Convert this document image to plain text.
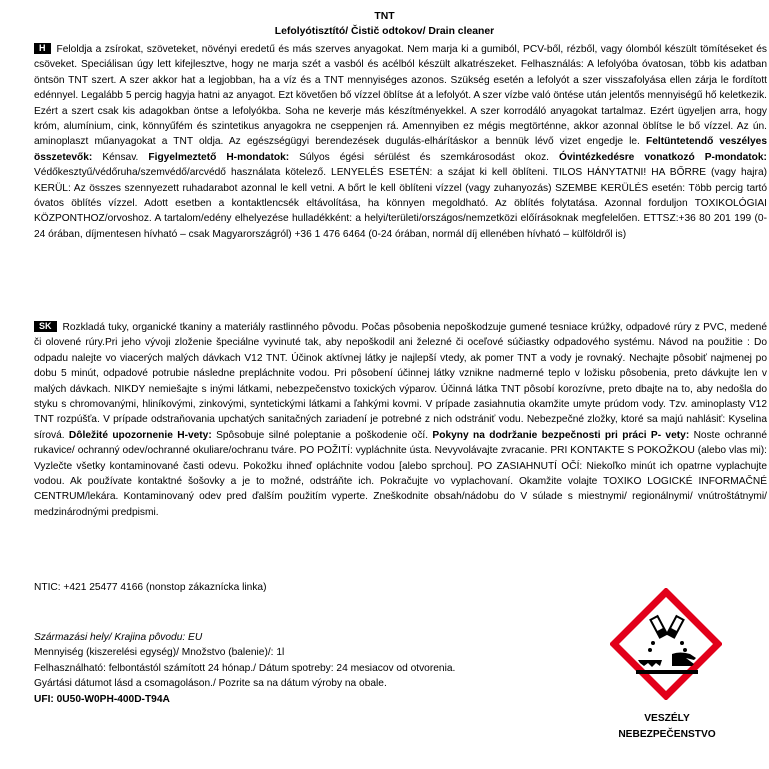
TNT
Lefolyótisztító/ Čistič odtokov/ Drain cleaner
H Feloldja a zsírokat, szöveteket, növényi eredetű és más szerves anyagokat. Nem marja ki a gumiból, PCV-ből, rézből, vagy ólomból készült tömítéseket és csöveket. Speciálisan úgy lett kifejlesztve, hogy ne marja szét a vasból és acélból készült alkatrészeket. Felhasználás: A lefolyóba óvatosan, több kis adatban öntsön TNT szert. A szer akkor hat a legjobban, ha a víz és a TNT mennyiséges azonos. Szükség esetén a lefolyót a szer visszafolyása ellen zárja le fordított edénnyel. Legalább 5 percig hagyja hatni az anyagot. Ezt követően bő vízzel öblítse át a lefolyót. A szer vízbe való öntése után jelentős mennyiségű hő keletkezik. Ezért a szert csak kis adagokban öntse a lefolyókba. Soha ne keverje más készítményekkel. A szer korrodáló anyagokat tartalmaz. Ezért ügyeljen arra, hogy króm, alumínium, cink, könnyűfém és szintetikus anyagokra ne cseppenjen rá. Amennyiben ez mégis megtörténne, akkor azonnal öblítse le bő vízzel. Az ún. aminoplaszt műanyagokat a TNT oldja. Az egészségügyi berendezések dugulás-elhárításkor a bennük lévő vizet engedje le. Feltüntetendő veszélyes összetevők: Kénsav. Figyelmeztető H-mondatok: Súlyos égési sérülést és szemkárosodást okoz. Óvintézkedésre vonatkozó P-mondatok: Védőkesztyű/védőruha/szemvédő/arcvédő használata kötelező. LENYELÉS ESETÉN: a szájat ki kell öblíteni. TILOS HÁNYTATNI! HA BŐRRE (vagy hajra) KERÜL: Az összes szennyezett ruhadarabot azonnal le kell vetni. A bőrt le kell öblíteni vízzel (vagy zuhanyozás) SZEMBE KERÜLÉS esetén: Több percig tartó óvatos öblítés vízzel. Adott esetben a kontaktlencsék eltávolítása, ha könnyen megoldható. Az öblítés folytatása. Azonnal forduljon TOXIKOLÓGIAI KÖZPONTHOZ/orvoshoz. A tartalom/edény elhelyezése hulladékként: a helyi/területi/országos/nemzetközi előírásoknak megfelelően. ETTSZ:+36 80 201 199 (0-24 órában, díjmentesen hívható – csak Magyarországról) +36 1 476 6464 (0-24 órában, normál díj ellenében hívható – külföldről is)
SK Rozkladá tuky, organické tkaniny a materiály rastlinného pôvodu. Počas pôsobenia nepoškodzuje gumené tesniace krúžky, odpadové rúry z PVC, medené či olovené rúry.Pri jeho vývoji zloženie špeciálne vyvinuté tak, aby nepoškodil ani železné či oceľové súčiastky odpadového systému. Návod na použitie : Do odpadu nalejte vo viacerých malých dávkach V12 TNT. Účinok aktívnej látky je najlepší vtedy, ak pomer TNT a vody je rovnaký. Nechajte pôsobiť najmenej po dobu 5 minút, odpadové potrubie následne prepláchnite vodou. Pri pôsobení účinnej látky vznikne nadmerné teplo v ložisku pôsobenia, preto dávkujte len v malých dávkach. NIKDY nemiešajte s inými látkami, nebezpečenstvo toxických výparov. Účinná látka TNT pôsobí korozívne, preto dbajte na to, aby nedošla do styku s chromovanými, hliníkovými, zinkovými, syntetickými látkami a ľahkými kovmi. V prípade zasiahnutia okamžite umyte prúdom vody. Tzv. aminoplasty V12 TNT rozpúšťa. V prípade odstraňovania upchatých sanitačných zariadení je potrebné z nich odstrániť vodu. Nebezpečné zložky, ktoré sa majú nahlásiť: Kyselina sírová. Dôležité upozornenie H-vety: Spôsobuje silné poleptanie a poškodenie očí. Pokyny na dodržanie bezpečnosti pri práci P- vety: Noste ochranné rukavice/ ochranný odev/ochranné okuliare/ochranu tváre. PO POŽITÍ: vypláchnite ústa. Nevyvolávajte zvracanie. PRI KONTAKTE S POKOŽKOU (alebo vlas mi): Vyzlečte všetky kontaminované časti odevu. Pokožku ihneď opláchnite vodou [alebo sprchou]. PO ZASIAHNUTÍ OČÍ: Niekoľko minút ich opatrne vyplachujte vodou. Ak používate kontaktné šošovky a je to možné, odstráňte ich. Pokračujte vo vyplachovaní. Okamžite volajte TOXIKO LOGICKÉ INFORMAČNÉ CENTRUM/lekára. Kontaminovaný odev pred ďalším použitím vyperte. Zneškodnite obsah/nádobu do V súlade s miestnymi/ regionálnymi/ vnútroštátnymi/ medzinárodnými predpismi.
NTIC: +421 25477 4166 (nonstop zákaznícka linka)
Származási hely/ Krajina pôvodu: EU
Mennyiség (kiszerelési egység)/ Množstvo (balenie)/: 1l
Felhasználható: felbontástól számított 24 hónap./ Dátum spotreby: 24 mesiacov od otvorenia.
Gyártási dátumot lásd a csomagoláson./ Pozrite sa na dátum výroby na obale.
UFI: 0U50-W0PH-400D-T94A
VESZÉLY
NEBEZPEČENSTVO
